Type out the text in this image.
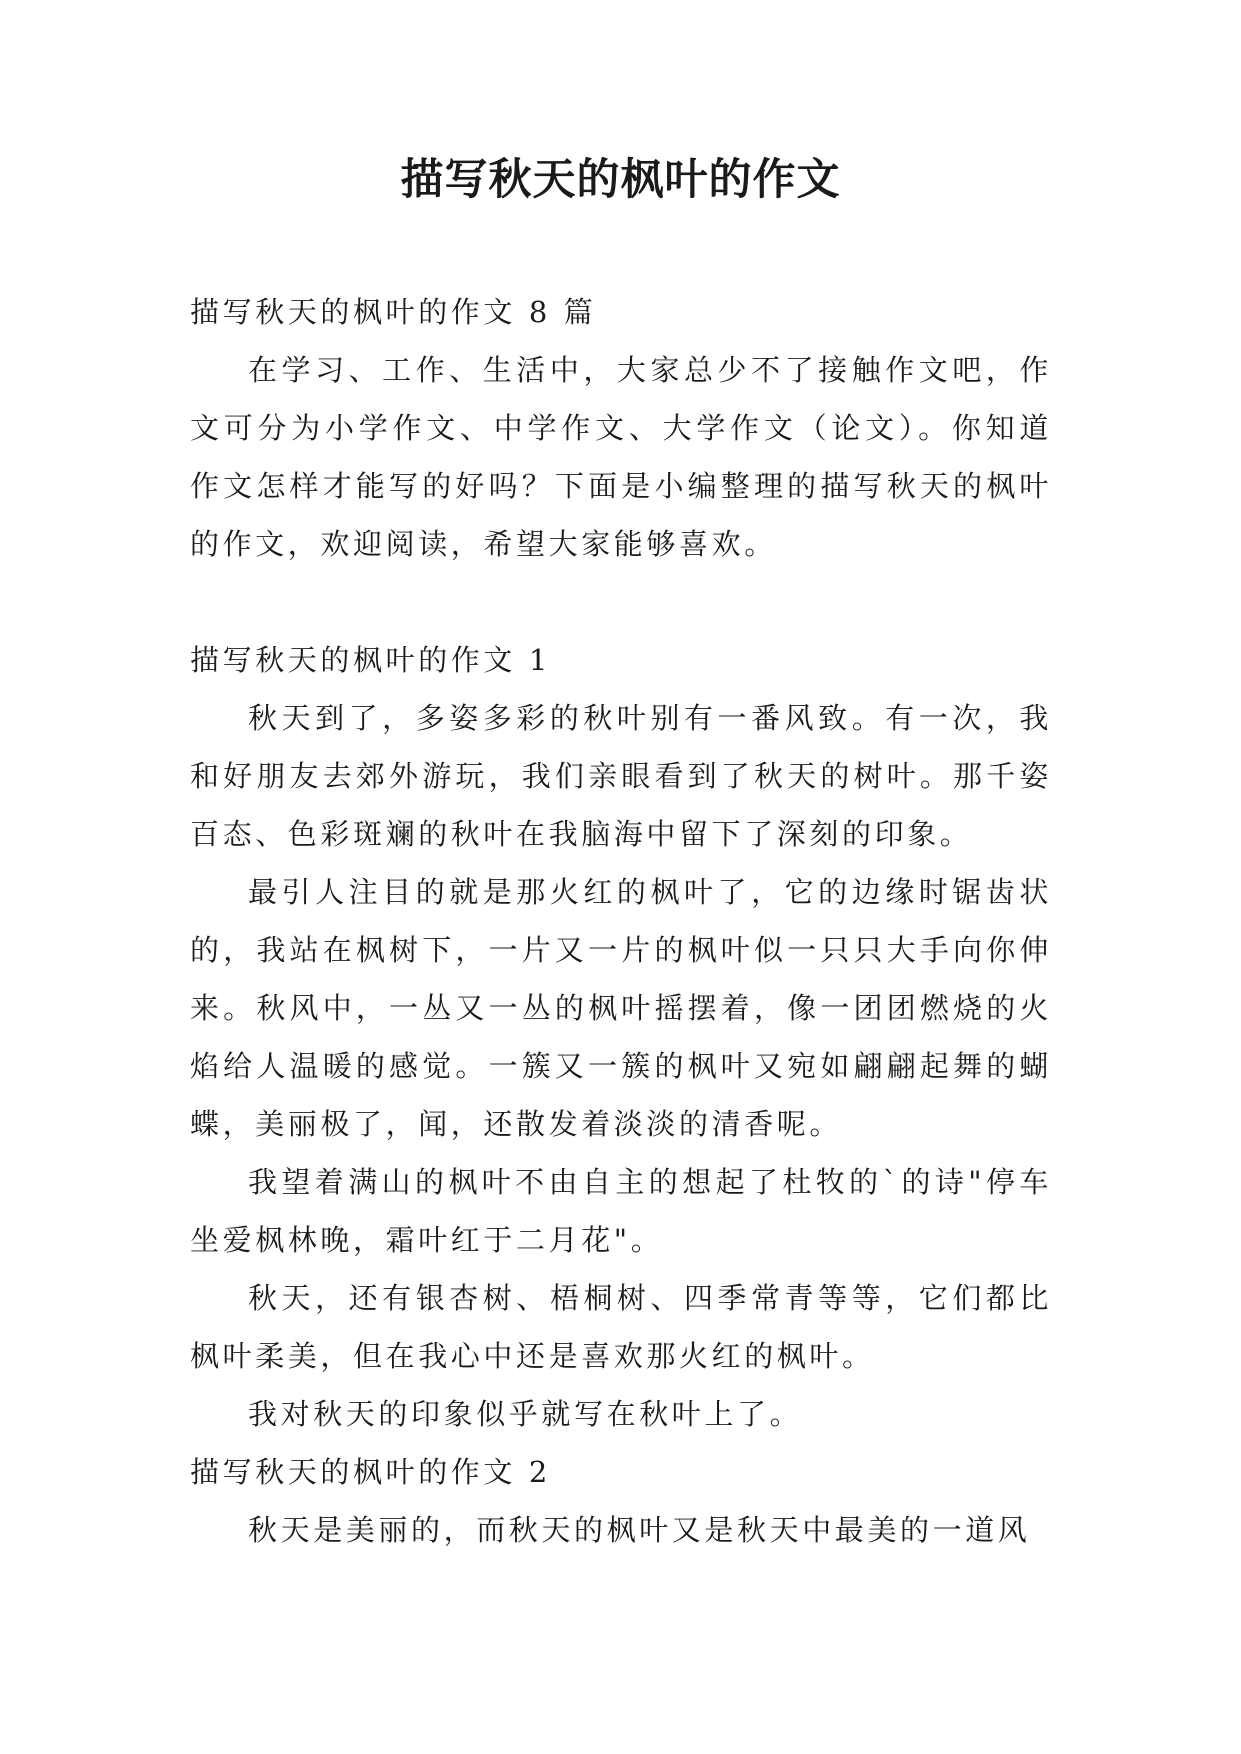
描写秋天的枫叶的作文

描写秋天的枫叶的作文 8 篇

在学习、工作、生活中，大家总少不了接触作文吧，作文可分为小学作文、中学作文、大学作文（论文）。你知道作文怎样才能写的好吗？下面是小编整理的描写秋天的枫叶的作文，欢迎阅读，希望大家能够喜欢。

描写秋天的枫叶的作文 1

秋天到了，多姿多彩的秋叶别有一番风致。有一次，我和好朋友去郊外游玩，我们亲眼看到了秋天的树叶。那千姿百态、色彩斑斓的秋叶在我脑海中留下了深刻的印象。

最引人注目的就是那火红的枫叶了，它的边缘时锯齿状的，我站在枫树下，一片又一片的枫叶似一只只大手向你伸来。秋风中，一丛又一丛的枫叶摇摆着，像一团团燃烧的火焰给人温暖的感觉。一簇又一簇的枫叶又宛如翩翩起舞的蝴蝶，美丽极了，闻，还散发着淡淡的清香呢。

我望着满山的枫叶不由自主的想起了杜牧的`的诗"停车坐爱枫林晚，霜叶红于二月花"。

秋天，还有银杏树、梧桐树、四季常青等等，它们都比枫叶柔美，但在我心中还是喜欢那火红的枫叶。

我对秋天的印象似乎就写在秋叶上了。

描写秋天的枫叶的作文 2

秋天是美丽的，而秋天的枫叶又是秋天中最美的一道风
